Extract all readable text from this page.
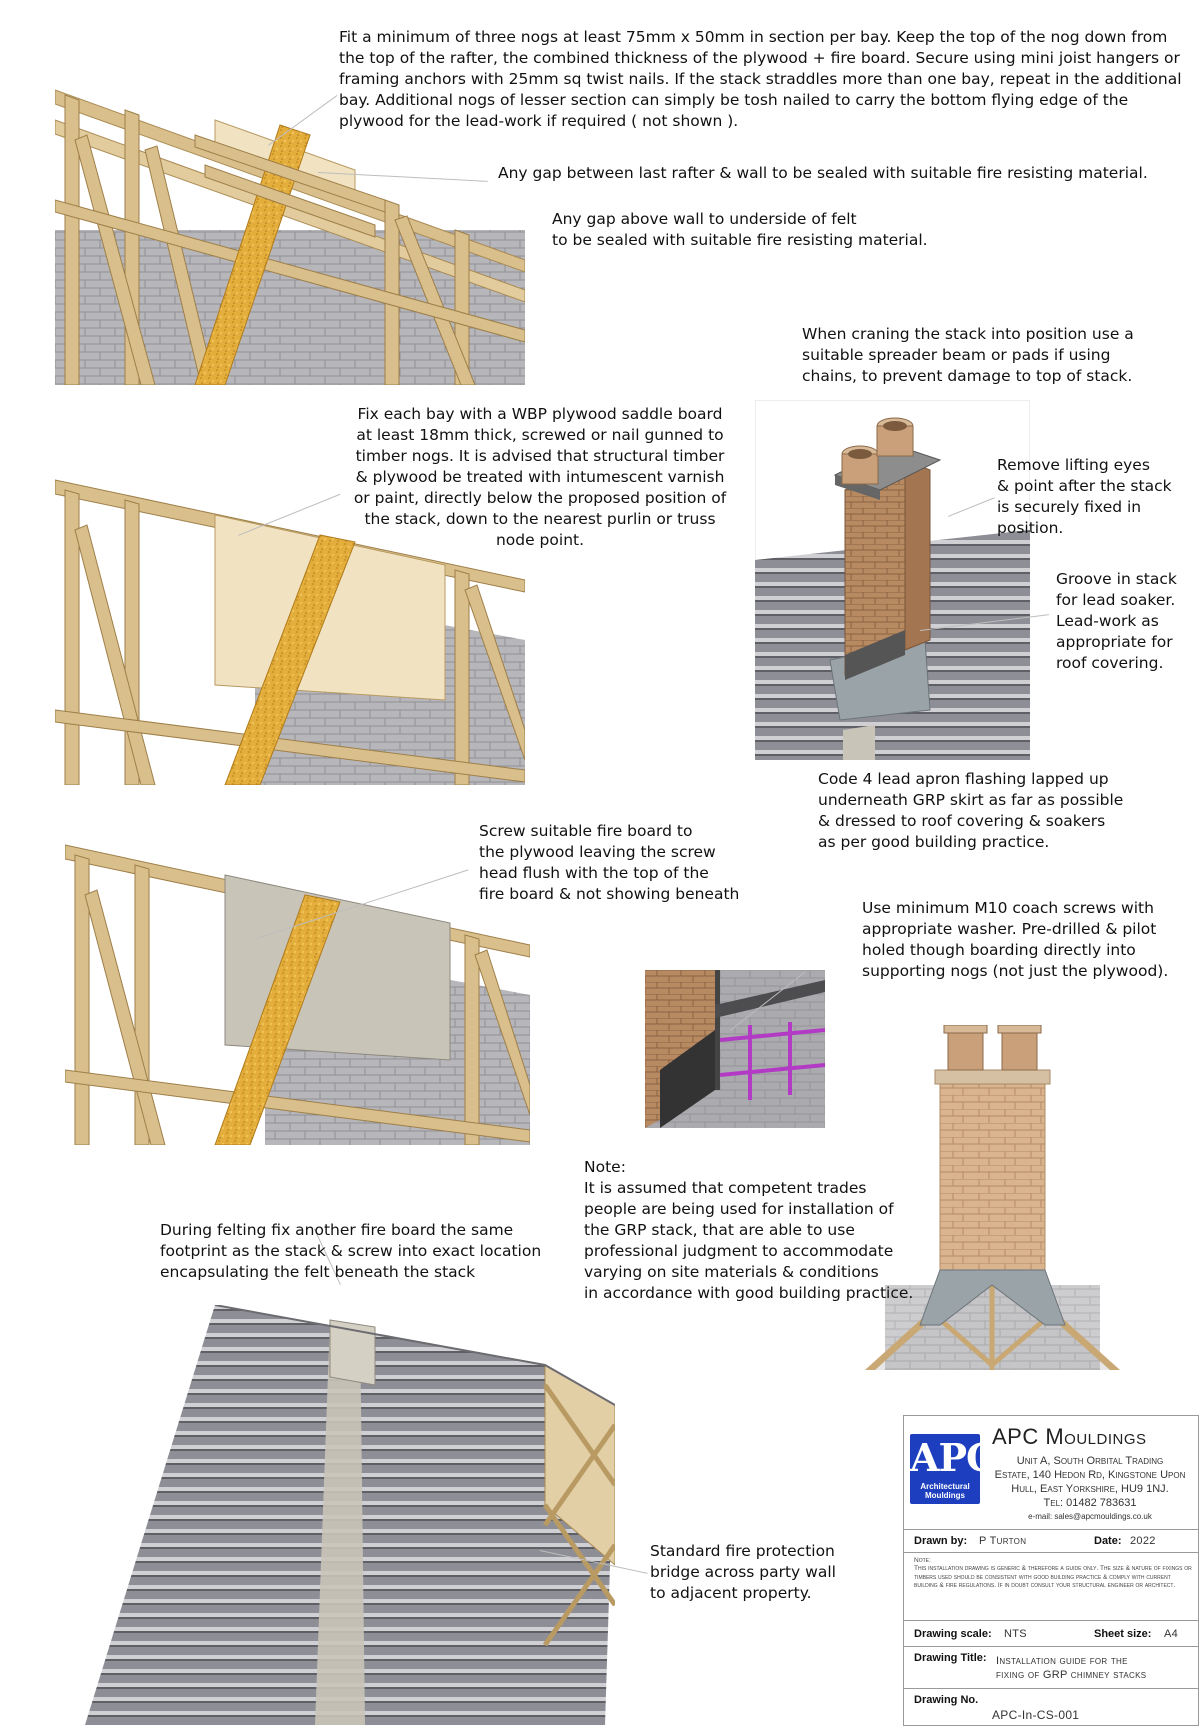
Fit a minimum of three nogs at least 75mm x 50mm in section per bay. Keep the top of the nog down from the top of the rafter, the combined thickness of the plywood + fire board. Secure using mini joist hangers or framing anchors with 25mm sq twist nails. If the stack straddles more than one bay, repeat in the additional bay. Additional nogs of lesser section can simply be tosh nailed to carry the bottom flying edge of the plywood for the lead-work if required ( not shown ).
Any gap between last rafter & wall to be sealed with suitable fire resisting material.
Any gap above wall to underside of felt
to be sealed with suitable fire resisting material.
When craning the stack into position use a
suitable spreader beam or pads if using
chains, to prevent damage to top of stack.
Fix each bay with a WBP plywood saddle board
at least 18mm thick, screwed or nail gunned to
timber nogs. It is advised that structural timber
& plywood be treated with intumescent varnish
or paint, directly below the proposed position of
the stack, down to the nearest purlin or truss
node point.
Remove lifting eyes
& point after the stack
is securely fixed in
position.
Groove in stack
for lead soaker.
Lead-work as
appropriate for
roof covering.
Code 4 lead apron flashing lapped up
underneath GRP skirt as far as possible
& dressed to roof covering & soakers
as per good building practice.
Screw suitable fire board to
the plywood leaving the screw
head flush with the top of the
fire board & not showing beneath
Use minimum M10 coach screws with
appropriate washer. Pre-drilled & pilot
holed though boarding directly into
supporting nogs (not just the plywood).
Note:
It is assumed that competent trades
people are being used for installation of
the GRP stack, that are able to use
professional judgment to accommodate
varying on site materials & conditions
in accordance with good building practice.
During felting fix another fire board the same
footprint as the stack & screw into exact location
encapsulating the felt beneath the stack
Standard fire protection
bridge across party wall
to adjacent property.
APC
Architectural
Mouldings
APC Mouldings
Unit A, South Orbital Trading
Estate, 140 Hedon Rd, Kingstone Upon
Hull, East Yorkshire, HU9 1NJ.
Tel: 01482 783631
e-mail: sales@apcmouldings.co.uk
Drawn by: P Turton	Date: 2022
Note:
This installation drawing is generic & therefore a guide only. The size & nature of fixings or timbers used should be consistent with good building practice & comply with current building & fire regulations. If in doubt consult your structural engineer or architect.
Drawing scale: NTS	Sheet size: A4
Drawing Title: Installation guide for the
fixing of GRP chimney stacks
Drawing No.
APC-In-CS-001
